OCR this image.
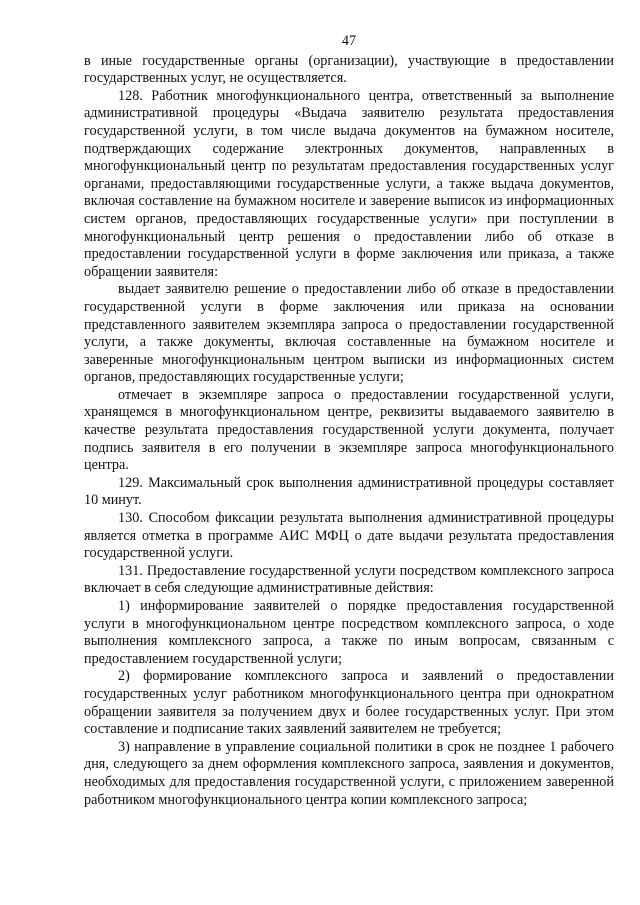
47

в иные государственные органы (организации), участвующие в предоставлении государственных услуг, не осуществляется.

128. Работник многофункционального центра, ответственный за выполнение административной процедуры «Выдача заявителю результата предоставления государственной услуги, в том числе выдача документов на бумажном носителе, подтверждающих содержание электронных документов, направленных в многофункциональный центр по результатам предоставления государственных услуг органами, предоставляющими государственные услуги, а также выдача документов, включая составление на бумажном носителе и заверение выписок из информационных систем органов, предоставляющих государственные услуги» при поступлении в многофункциональный центр решения о предоставлении либо об отказе в предоставлении государственной услуги в форме заключения или приказа, а также обращении заявителя:

выдает заявителю решение о предоставлении либо об отказе в предоставлении государственной услуги в форме заключения или приказа на основании представленного заявителем экземпляра запроса о предоставлении государственной услуги, а также документы, включая составленные на бумажном носителе и заверенные многофункциональным центром выписки из информационных систем органов, предоставляющих государственные услуги;

отмечает в экземпляре запроса о предоставлении государственной услуги, хранящемся в многофункциональном центре, реквизиты выдаваемого заявителю в качестве результата предоставления государственной услуги документа, получает подпись заявителя в его получении в экземпляре запроса многофункционального центра.

129. Максимальный срок выполнения административной процедуры составляет 10 минут.

130. Способом фиксации результата выполнения административной процедуры является отметка в программе АИС МФЦ о дате выдачи результата предоставления государственной услуги.

131. Предоставление государственной услуги посредством комплексного запроса включает в себя следующие административные действия:

1) информирование заявителей о порядке предоставления государственной услуги в многофункциональном центре посредством комплексного запроса, о ходе выполнения комплексного запроса, а также по иным вопросам, связанным с предоставлением государственной услуги;

2) формирование комплексного запроса и заявлений о предоставлении государственных услуг работником многофункционального центра при однократном обращении заявителя за получением двух и более государственных услуг. При этом составление и подписание таких заявлений заявителем не требуется;

3) направление в управление социальной политики в срок не позднее 1 рабочего дня, следующего за днем оформления комплексного запроса, заявления и документов, необходимых для предоставления государственной услуги, с приложением заверенной работником многофункционального центра копии комплексного запроса;
